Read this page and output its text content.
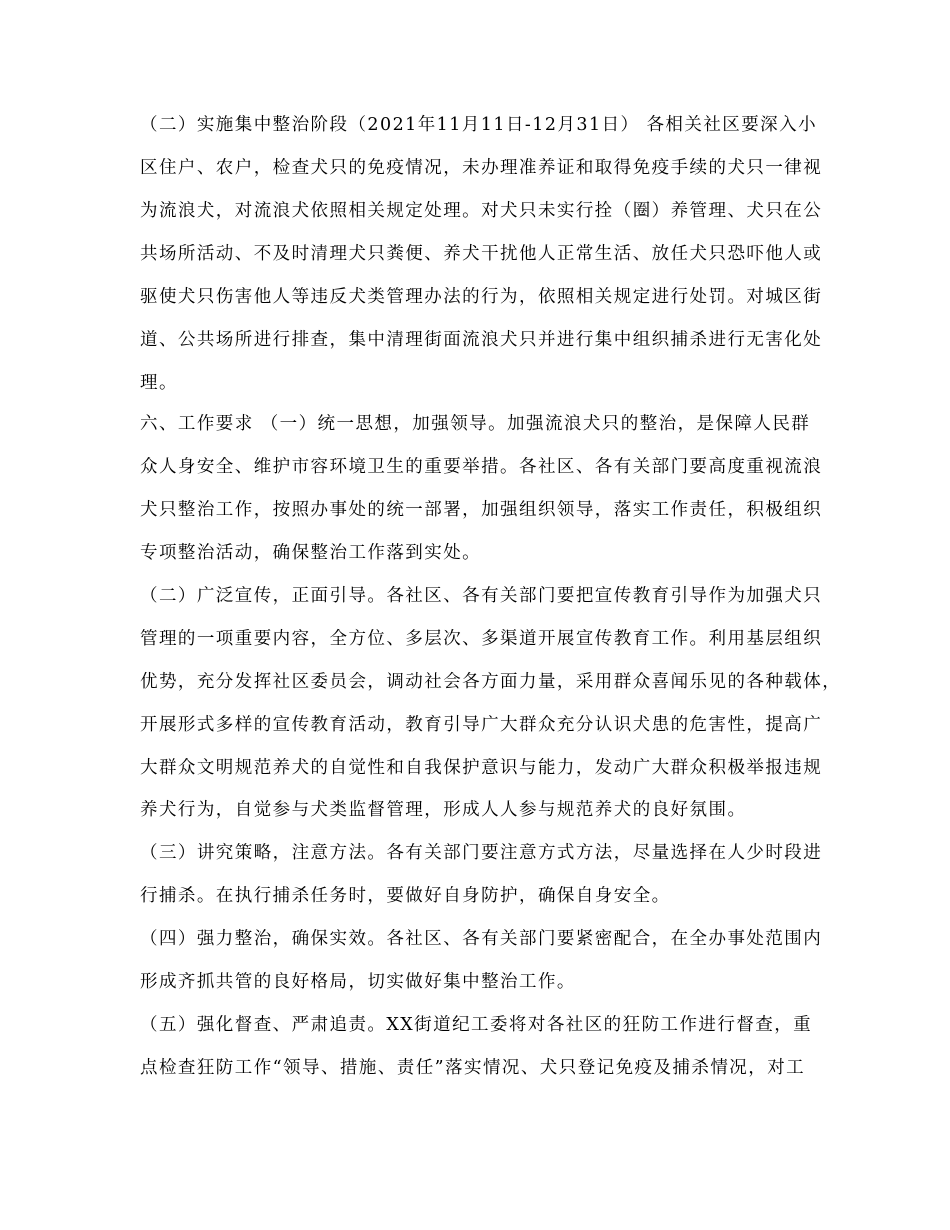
（二）实施集中整治阶段（2021年11月11日-12月31日） 各相关社区要深入小

区住户、农户，检查犬只的免疫情况，未办理准养证和取得免疫手续的犬只一律视

为流浪犬，对流浪犬依照相关规定处理。对犬只未实行拴（圈）养管理、犬只在公

共场所活动、不及时清理犬只粪便、养犬干扰他人正常生活、放任犬只恐吓他人或

驱使犬只伤害他人等违反犬类管理办法的行为，依照相关规定进行处罚。对城区街

道、公共场所进行排查，集中清理街面流浪犬只并进行集中组织捕杀进行无害化处

理。

六、工作要求 （一）统一思想，加强领导。加强流浪犬只的整治，是保障人民群

众人身安全、维护市容环境卫生的重要举措。各社区、各有关部门要高度重视流浪

犬只整治工作，按照办事处的统一部署，加强组织领导，落实工作责任，积极组织

专项整治活动，确保整治工作落到实处。

（二）广泛宣传，正面引导。各社区、各有关部门要把宣传教育引导作为加强犬只

管理的一项重要内容，全方位、多层次、多渠道开展宣传教育工作。利用基层组织

优势，充分发挥社区委员会，调动社会各方面力量，采用群众喜闻乐见的各种载体，

开展形式多样的宣传教育活动，教育引导广大群众充分认识犬患的危害性，提高广

大群众文明规范养犬的自觉性和自我保护意识与能力，发动广大群众积极举报违规

养犬行为，自觉参与犬类监督管理，形成人人参与规范养犬的良好氛围。

（三）讲究策略，注意方法。各有关部门要注意方式方法，尽量选择在人少时段进

行捕杀。在执行捕杀任务时，要做好自身防护，确保自身安全。

（四）强力整治，确保实效。各社区、各有关部门要紧密配合，在全办事处范围内

形成齐抓共管的良好格局，切实做好集中整治工作。

（五）强化督查、严肃追责。XX街道纪工委将对各社区的狂防工作进行督查，重

点检查狂防工作“领导、措施、责任”落实情况、犬只登记免疫及捕杀情况，对工
